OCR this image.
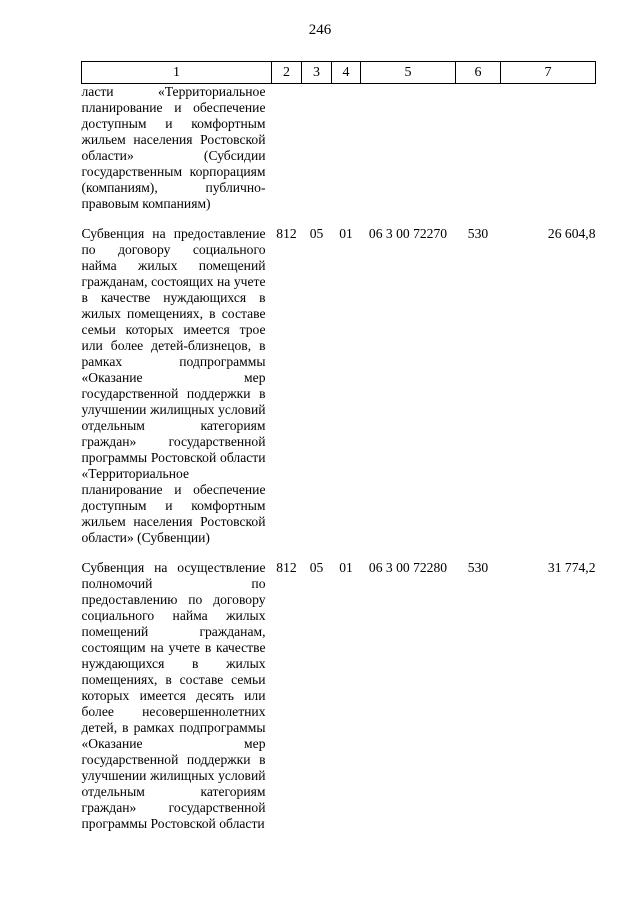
246
1	2	3	4	5	6	7
ласти «Территориальное планирование и обеспечение доступным и комфортным жильем населения Ростовской области» (Субсидии государственным корпорациям (компаниям), публично-правовым компаниям)						
Субвенция на предоставление по договору социального найма жилых помещений гражданам, состоящих на учете в качестве нуждающихся в жилых помещениях, в составе семьи которых имеется трое или более детей-близнецов, в рамках подпрограммы «Оказание мер государственной поддержки в улучшении жилищных условий отдельным категориям граждан» государственной программы Ростовской области «Территориальное планирование и обеспечение доступным и комфортным жильем населения Ростовской области» (Субвенции)	812	05	01	06 3 00 72270	530	26 604,8
Субвенция на осуществление полномочий по предоставлению по договору социального найма жилых помещений гражданам, состоящим на учете в качестве нуждающихся в жилых помещениях, в составе семьи которых имеется десять или более несовершеннолетних детей, в рамках подпрограммы «Оказание мер государственной поддержки в улучшении жилищных условий отдельным категориям граждан» государственной программы Ростовской области	812	05	01	06 3 00 72280	530	31 774,2
